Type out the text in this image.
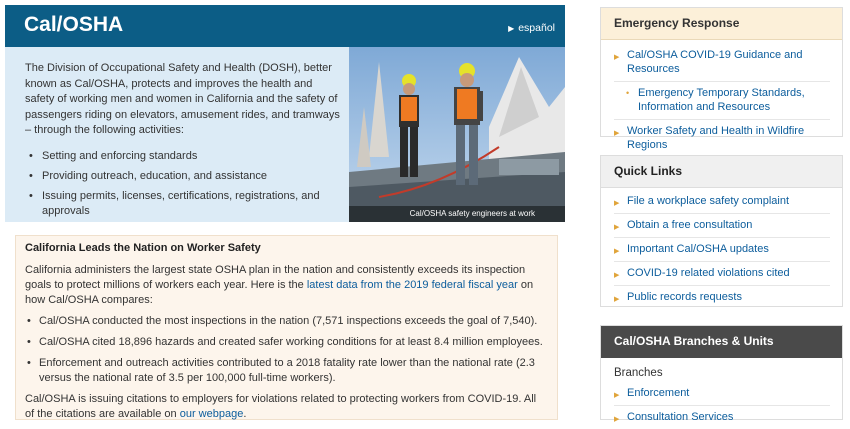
Cal/OSHA	▶ español

The Division of Occupational Safety and Health (DOSH), better known as Cal/OSHA, protects and improves the health and safety of working men and women in California and the safety of passengers riding on elevators, amusement rides, and tramways – through the following activities:

• Setting and enforcing standards
• Providing outreach, education, and assistance
• Issuing permits, licenses, certifications, registrations, and approvals	Cal/OSHA safety engineers at work
California Leads the Nation on Worker Safety

California administers the largest state OSHA plan in the nation and consistently exceeds its inspection goals to protect millions of workers each year. Here is the latest data from the 2019 federal fiscal year on how Cal/OSHA compares:

• Cal/OSHA conducted the most inspections in the nation (7,571 inspections exceeds the goal of 7,540).
• Cal/OSHA cited 18,896 hazards and created safer working conditions for at least 8.4 million employees.
• Enforcement and outreach activities contributed to a 2018 fatality rate lower than the national rate (2.3 versus the national rate of 3.5 per 100,000 full-time workers).

Cal/OSHA is issuing citations to employers for violations related to protecting workers from COVID-19. All of the citations are available on our webpage.

Emergency Response
▶ Cal/OSHA COVID-19 Guidance and Resources
• Emergency Temporary Standards, Information and Resources
▶ Worker Safety and Health in Wildfire Regions
Quick Links
▶ File a workplace safety complaint
▶ Obtain a free consultation
▶ Important Cal/OSHA updates
▶ COVID-19 related violations cited
▶ Public records requests
Cal/OSHA Branches & Units
Branches
▶ Enforcement
▶ Consultation Services
